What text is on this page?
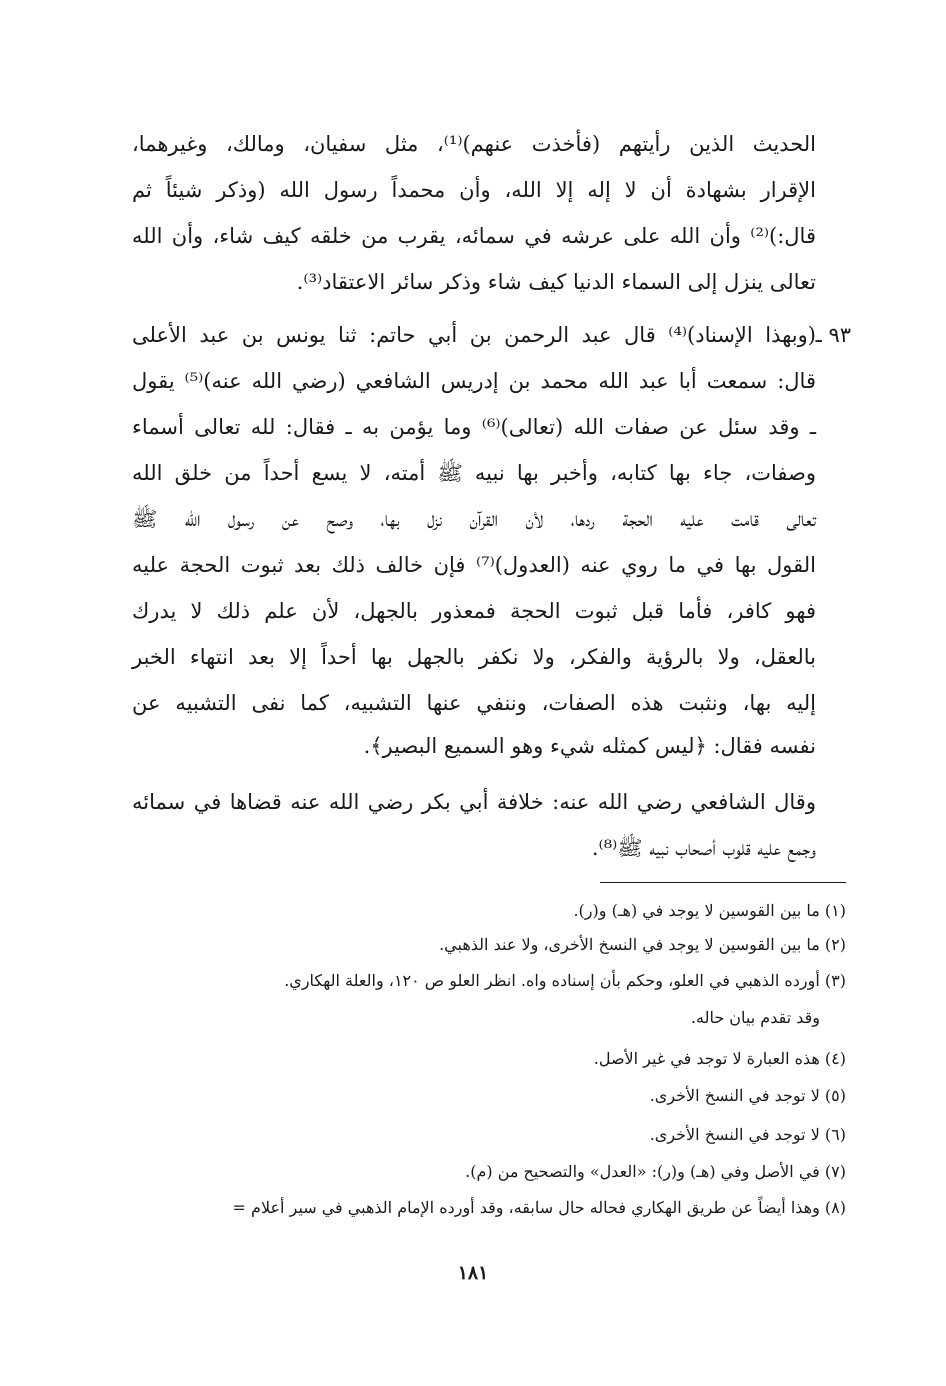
الحديث الذين رأيتهم (فأخذت عنهم)⁽¹⁾، مثل سفيان، ومالك، وغيرهما،
الإقرار بشهادة أن لا إله إلا الله، وأن محمداً رسول الله (وذكر شيئاً ثم
قال:)⁽²⁾ وأن الله على عرشه في سمائه، يقرب من خلقه كيف شاء، وأن الله
تعالى ينزل إلى السماء الدنيا كيف شاء وذكر سائر الاعتقاد⁽³⁾.
٩٣ ـ
(وبهذا الإسناد)⁽⁴⁾ قال عبد الرحمن بن أبي حاتم: ثنا يونس بن عبد الأعلى
قال: سمعت أبا عبد الله محمد بن إدريس الشافعي (رضي الله عنه)⁽⁵⁾ يقول
ـ وقد سئل عن صفات الله (تعالى)⁽⁶⁾ وما يؤمن به ـ فقال: لله تعالى أسماء
وصفات، جاء بها كتابه، وأخبر بها نبيه ﷺ أمته، لا يسع أحداً من خلق الله
تعالى قامت عليه الحجة ردها، لأن القرآن نزل بها، وصح عن رسول الله ﷺ
القول بها في ما روي عنه (العدول)⁽⁷⁾ فإن خالف ذلك بعد ثبوت الحجة عليه
فهو كافر، فأما قبل ثبوت الحجة فمعذور بالجهل، لأن علم ذلك لا يدرك
بالعقل، ولا بالرؤية والفكر، ولا نكفر بالجهل بها أحداً إلا بعد انتهاء الخبر
إليه بها، ونثبت هذه الصفات، وننفي عنها التشبيه، كما نفى التشبيه عن
نفسه فقال: ﴿ليس كمثله شيء وهو السميع البصير﴾.
وقال الشافعي رضي الله عنه: خلافة أبي بكر رضي الله عنه قضاها في سمائه
وجمع عليه قلوب أصحاب نبيه ﷺ⁽⁸⁾.
(١) ما بين القوسين لا يوجد في (هـ) و(ر).
(٢) ما بين القوسين لا يوجد في النسخ الأخرى، ولا عند الذهبي.
(٣) أورده الذهبي في العلو، وحكم بأن إسناده واه. انظر العلو ص ١٢٠، والعلة الهكاري.
وقد تقدم بيان حاله.
(٤) هذه العبارة لا توجد في غير الأصل.
(٥) لا توجد في النسخ الأخرى.
(٦) لا توجد في النسخ الأخرى.
(٧) في الأصل وفي (هـ) و(ر): «العدل» والتصحيح من (م).
(٨) وهذا أيضاً عن طريق الهكاري فحاله حال سابقه، وقد أورده الإمام الذهبي في سير أعلام =
١٨١
